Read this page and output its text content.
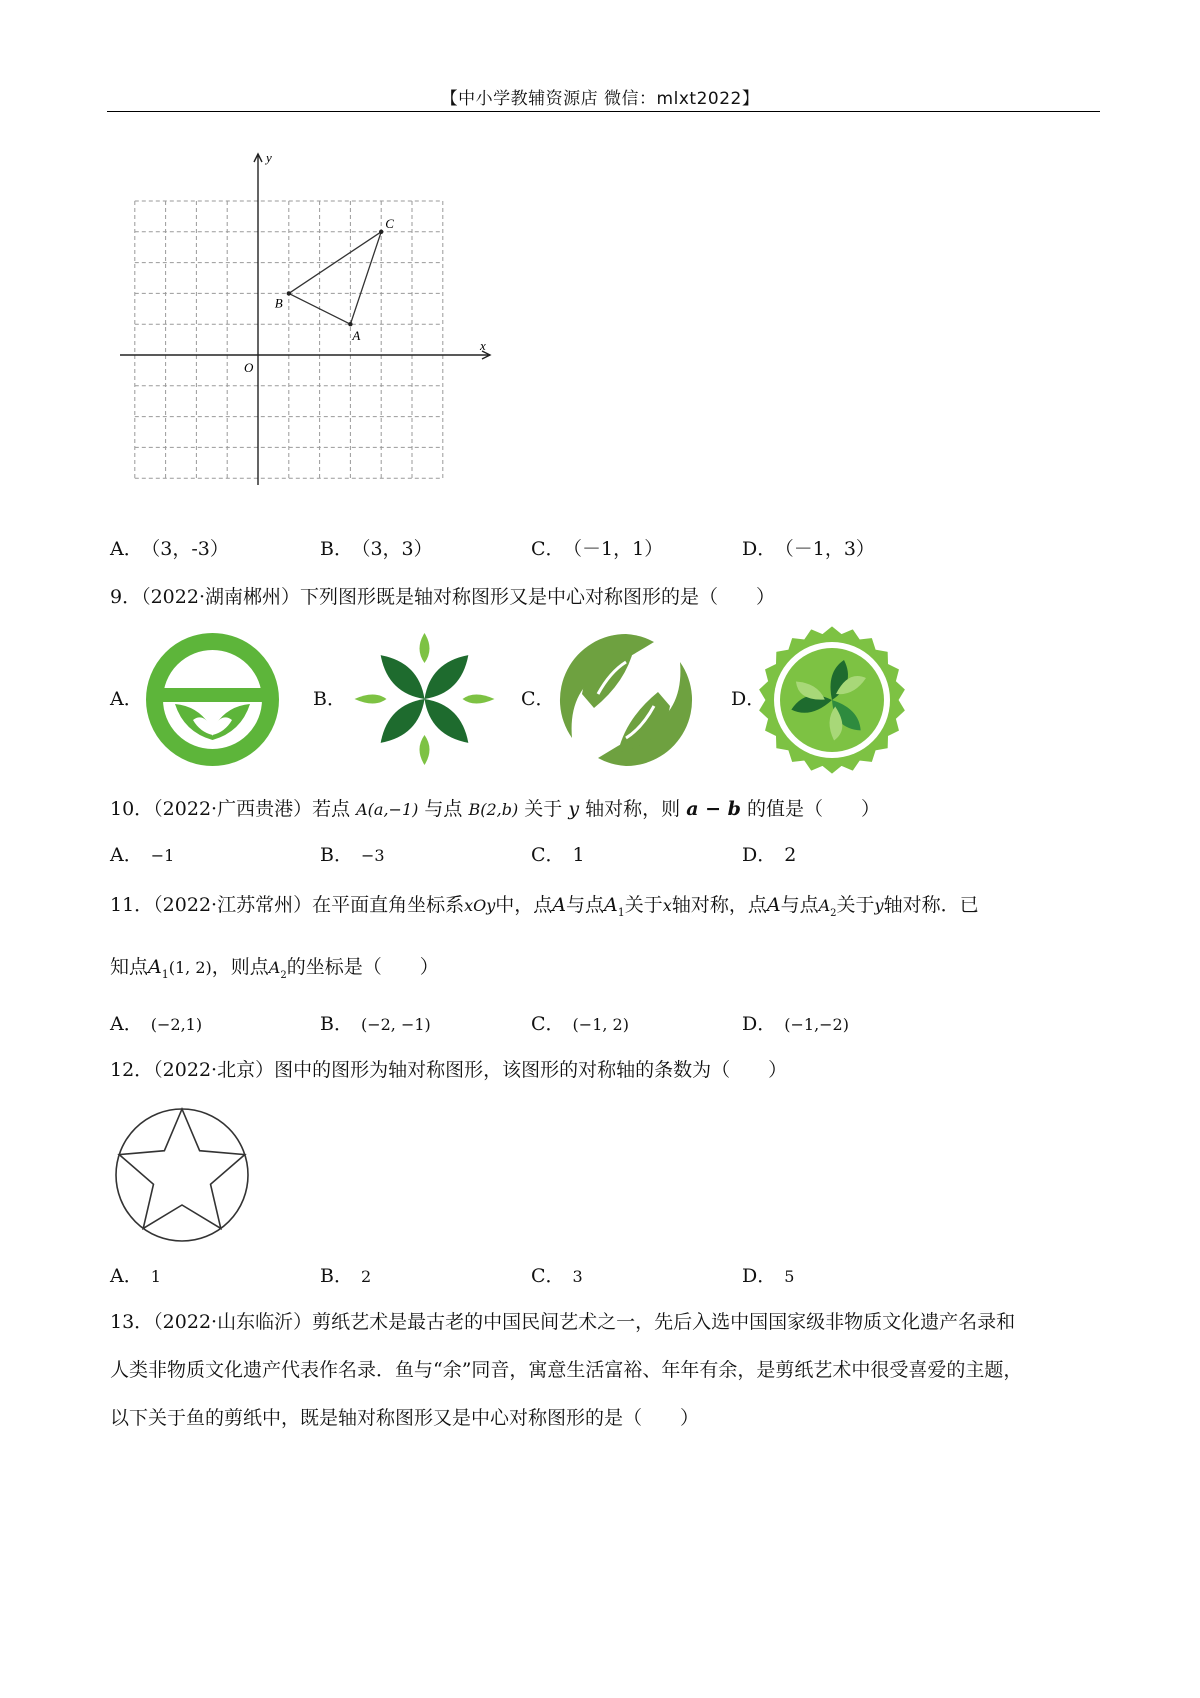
【中小学教辅资源店 微信：mlxt2022】
x
y
O
A
B
C
A． （3，-3）	B． （3，3）	C． （－1，1）	D． （－1，3）
9．（2022·湖南郴州）下列图形既是轴对称图形又是中心对称图形的是（　　）
A．	B．	C．	D．
10．（2022·广西贵港）若点 A(a,−1) 与点 B(2,b) 关于 y 轴对称，则 a − b 的值是（　　）
A． −1	B． −3	C． 1	D． 2
11．（2022·江苏常州）在平面直角坐标系xOy中，点A与点$A_1$关于x轴对称，点A与点$A_2$关于y轴对称．已
知点$A_1(1$, 2)，则点$A_2$的坐标是（　　）
A． (−2,1)	B． (−2, −1)	C． (−1, 2)	D． (−1,−2)
12．（2022·北京）图中的图形为轴对称图形，该图形的对称轴的条数为（　　）
A． 1	B． 2	C． 3	D． 5
13．（2022·山东临沂）剪纸艺术是最古老的中国民间艺术之一，先后入选中国国家级非物质文化遗产名录和
人类非物质文化遗产代表作名录．鱼与“余”同音，寓意生活富裕、年年有余，是剪纸艺术中很受喜爱的主题，
以下关于鱼的剪纸中，既是轴对称图形又是中心对称图形的是（　　）
